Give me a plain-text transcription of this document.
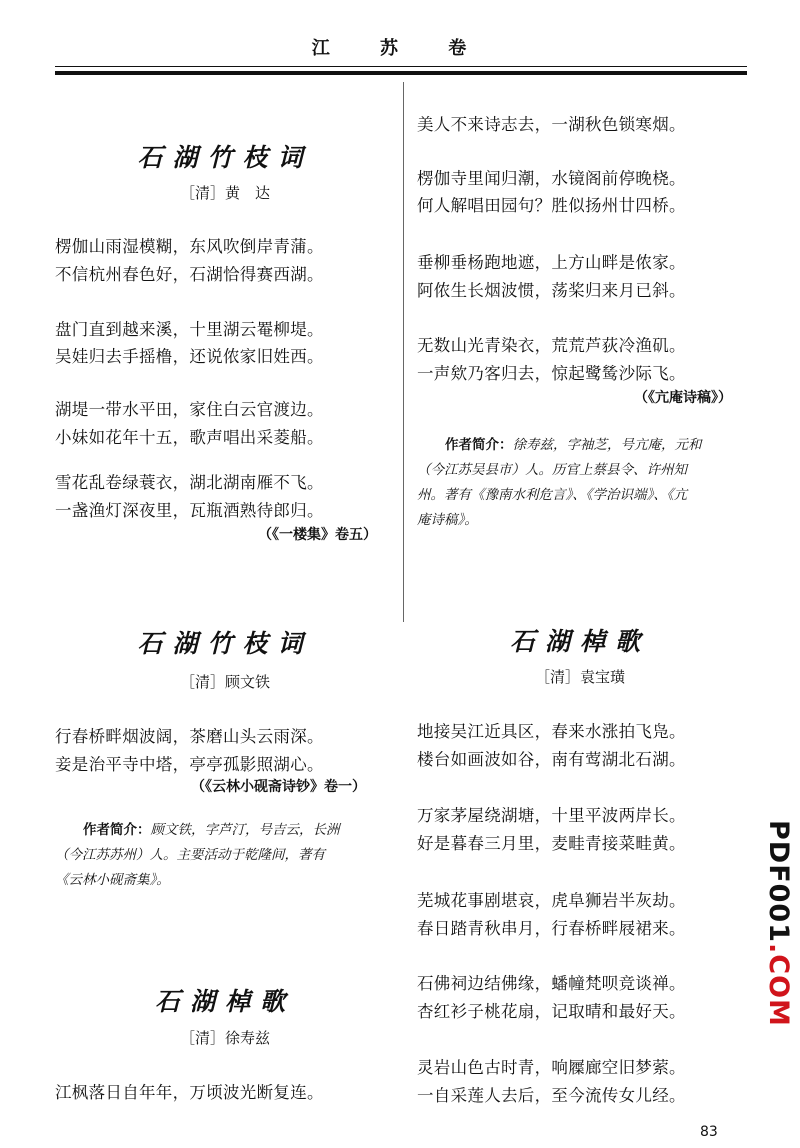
江 苏 卷
石湖竹枝词
［清］黄　达
楞伽山雨湿模糊，东风吹倒岸青蒲。
不信杭州春色好，石湖恰得赛西湖。
盘门直到越来溪，十里湖云罨柳堤。
吴娃归去手摇橹，还说侬家旧姓西。
湖堤一带水平田，家住白云官渡边。
小妹如花年十五，歌声唱出采菱船。
雪花乱卷绿蓑衣，湖北湖南雁不飞。
一盏渔灯深夜里，瓦瓶酒熟待郎归。
（《一楼集》卷五）
石湖竹枝词
［清］顾文铁
行春桥畔烟波阔，茶磨山头云雨深。
妾是治平寺中塔，亭亭孤影照湖心。
（《云林小砚斋诗钞》卷一）
作者简介：顾文铁，字芦汀，号吉云，长洲
（今江苏苏州）人。主要活动于乾隆间，著有
《云林小砚斋集》。
石湖棹歌
［清］徐寿兹
江枫落日自年年，万顷波光断复连。
美人不来诗志去，一湖秋色锁寒烟。
楞伽寺里闻归潮，水镜阁前停晚桡。
何人解唱田园句？胜似扬州廿四桥。
垂柳垂杨跑地遮，上方山畔是侬家。
阿侬生长烟波惯，荡桨归来月已斜。
无数山光青染衣，荒荒芦荻冷渔矶。
一声欸乃客归去，惊起鹭鸶沙际飞。
（《亢庵诗稿》）
作者简介：徐寿兹，字袖芝，号亢庵，元和
（今江苏吴县市）人。历官上蔡县令、许州知
州。著有《豫南水利危言》、《学治识端》、《亢
庵诗稿》。
石湖棹歌
［清］袁宝璜
地接吴江近具区，春来水涨拍飞凫。
楼台如画波如谷，南有莺湖北石湖。
万家茅屋绕湖塘，十里平波两岸长。
好是暮春三月里，麦畦青接菜畦黄。
芜城花事剧堪哀，虎阜狮岩半灰劫。
春日踏青秋串月，行春桥畔屐裙来。
石佛祠边结佛缘，蟠幢梵呗竞谈禅。
杏红衫子桃花扇，记取晴和最好天。
灵岩山色古时青，响屧廊空旧梦萦。
一自采莲人去后，至今流传女儿经。
PDF001.COM
83
